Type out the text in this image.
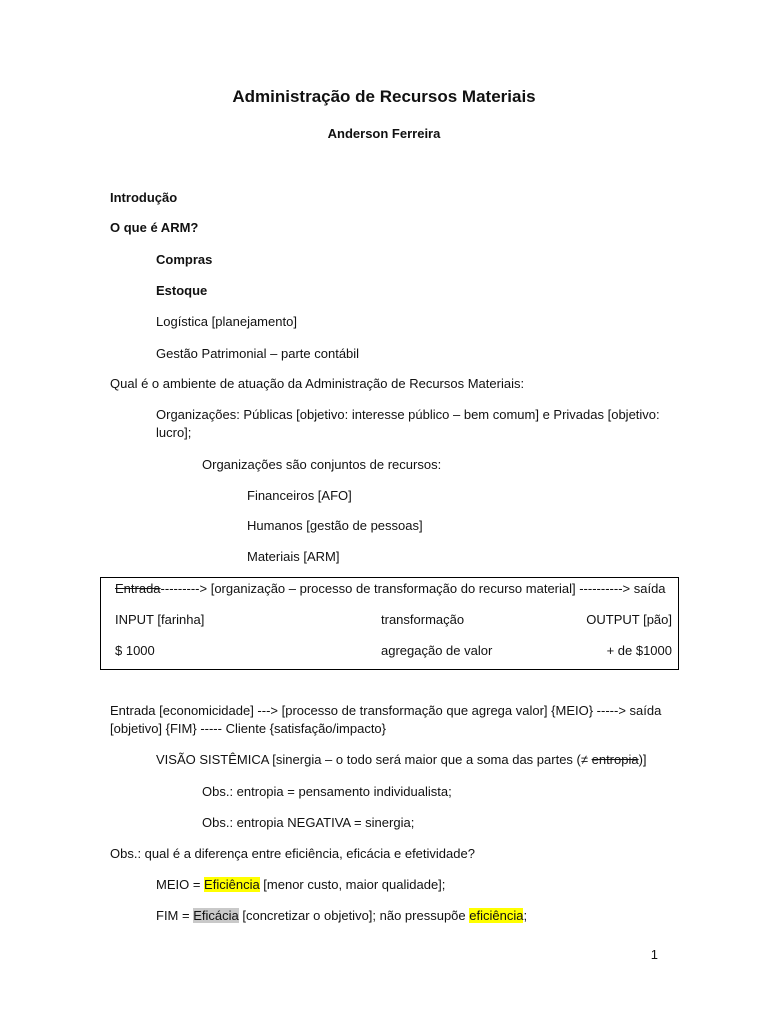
Administração de Recursos Materiais
Anderson Ferreira
Introdução
O que é ARM?
Compras
Estoque
Logística [planejamento]
Gestão Patrimonial – parte contábil
Qual é o ambiente de atuação da Administração de Recursos Materiais:
Organizações: Públicas [objetivo: interesse público – bem comum] e Privadas [objetivo:
lucro];
Organizações são conjuntos de recursos:
Financeiros [AFO]
Humanos [gestão de pessoas]
Materiais [ARM]
Entrada---------> [organização – processo de transformação do recurso material] ----------> saída
INPUT [farinha]	transformação	OUTPUT [pão]
$ 1000	agregação de valor	+ de $1000
Entrada [economicidade] ---> [processo de transformação que agrega valor] {MEIO} -----> saída
[objetivo] {FIM} ----- Cliente {satisfação/impacto}
VISÃO SISTÊMICA [sinergia – o todo será maior que a soma das partes (≠ entropia)]
Obs.: entropia = pensamento individualista;
Obs.: entropia NEGATIVA = sinergia;
Obs.: qual é a diferença entre eficiência, eficácia e efetividade?
MEIO = Eficiência [menor custo, maior qualidade];
FIM = Eficácia [concretizar o objetivo]; não pressupõe eficiência;
1
